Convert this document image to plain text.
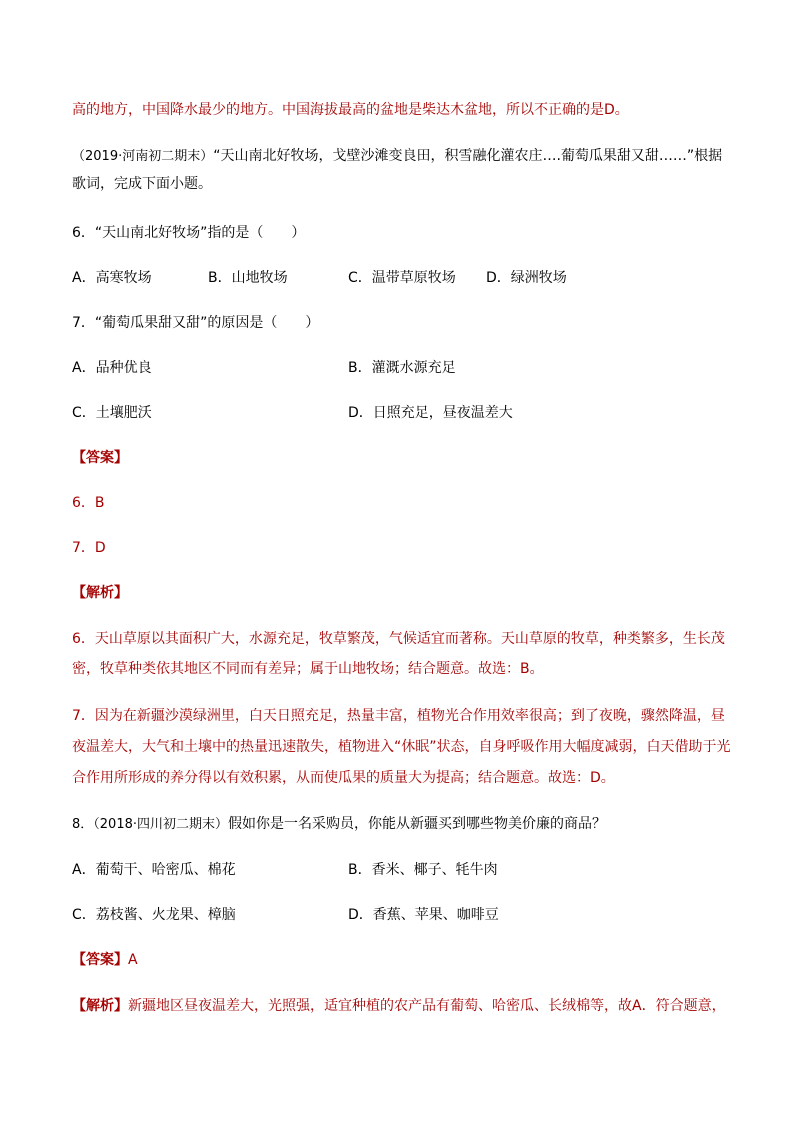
高的地方，中国降水最少的地方。中国海拔最高的盆地是柴达木盆地，所以不正确的是D。
（2019·河南初二期末）“天山南北好牧场，戈壁沙滩变良田，积雪融化灌农庄….葡萄瓜果甜又甜……”根据
歌词，完成下面小题。
6．“天山南北好牧场”指的是（　　）
A．高寒牧场	B．山地牧场	C．温带草原牧场 D．绿洲牧场
7．“葡萄瓜果甜又甜”的原因是（　　）
A．品种优良	B．灌溉水源充足
C．土壤肥沃	D．日照充足，昼夜温差大
【答案】
6．B
7．D
【解析】
6．天山草原以其面积广大，水源充足，牧草繁茂，气候适宜而著称。天山草原的牧草，种类繁多，生长茂
密，牧草种类依其地区不同而有差异；属于山地牧场；结合题意。故选：B。
7．因为在新疆沙漠绿洲里，白天日照充足，热量丰富，植物光合作用效率很高；到了夜晚，骤然降温，昼
夜温差大，大气和土壤中的热量迅速散失，植物进入“休眠”状态，自身呼吸作用大幅度减弱，白天借助于光
合作用所形成的养分得以有效积累，从而使瓜果的质量大为提高；结合题意。故选：D。
8．（2018·四川初二期末）假如你是一名采购员，你能从新疆买到哪些物美价廉的商品？
A．葡萄干、哈密瓜、棉花	B．香米、椰子、牦牛肉
C．荔枝酱、火龙果、樟脑	D．香蕉、苹果、咖啡豆
【答案】A
【解析】新疆地区昼夜温差大，光照强，适宜种植的农产品有葡萄、哈密瓜、长绒棉等，故A．符合题意，
